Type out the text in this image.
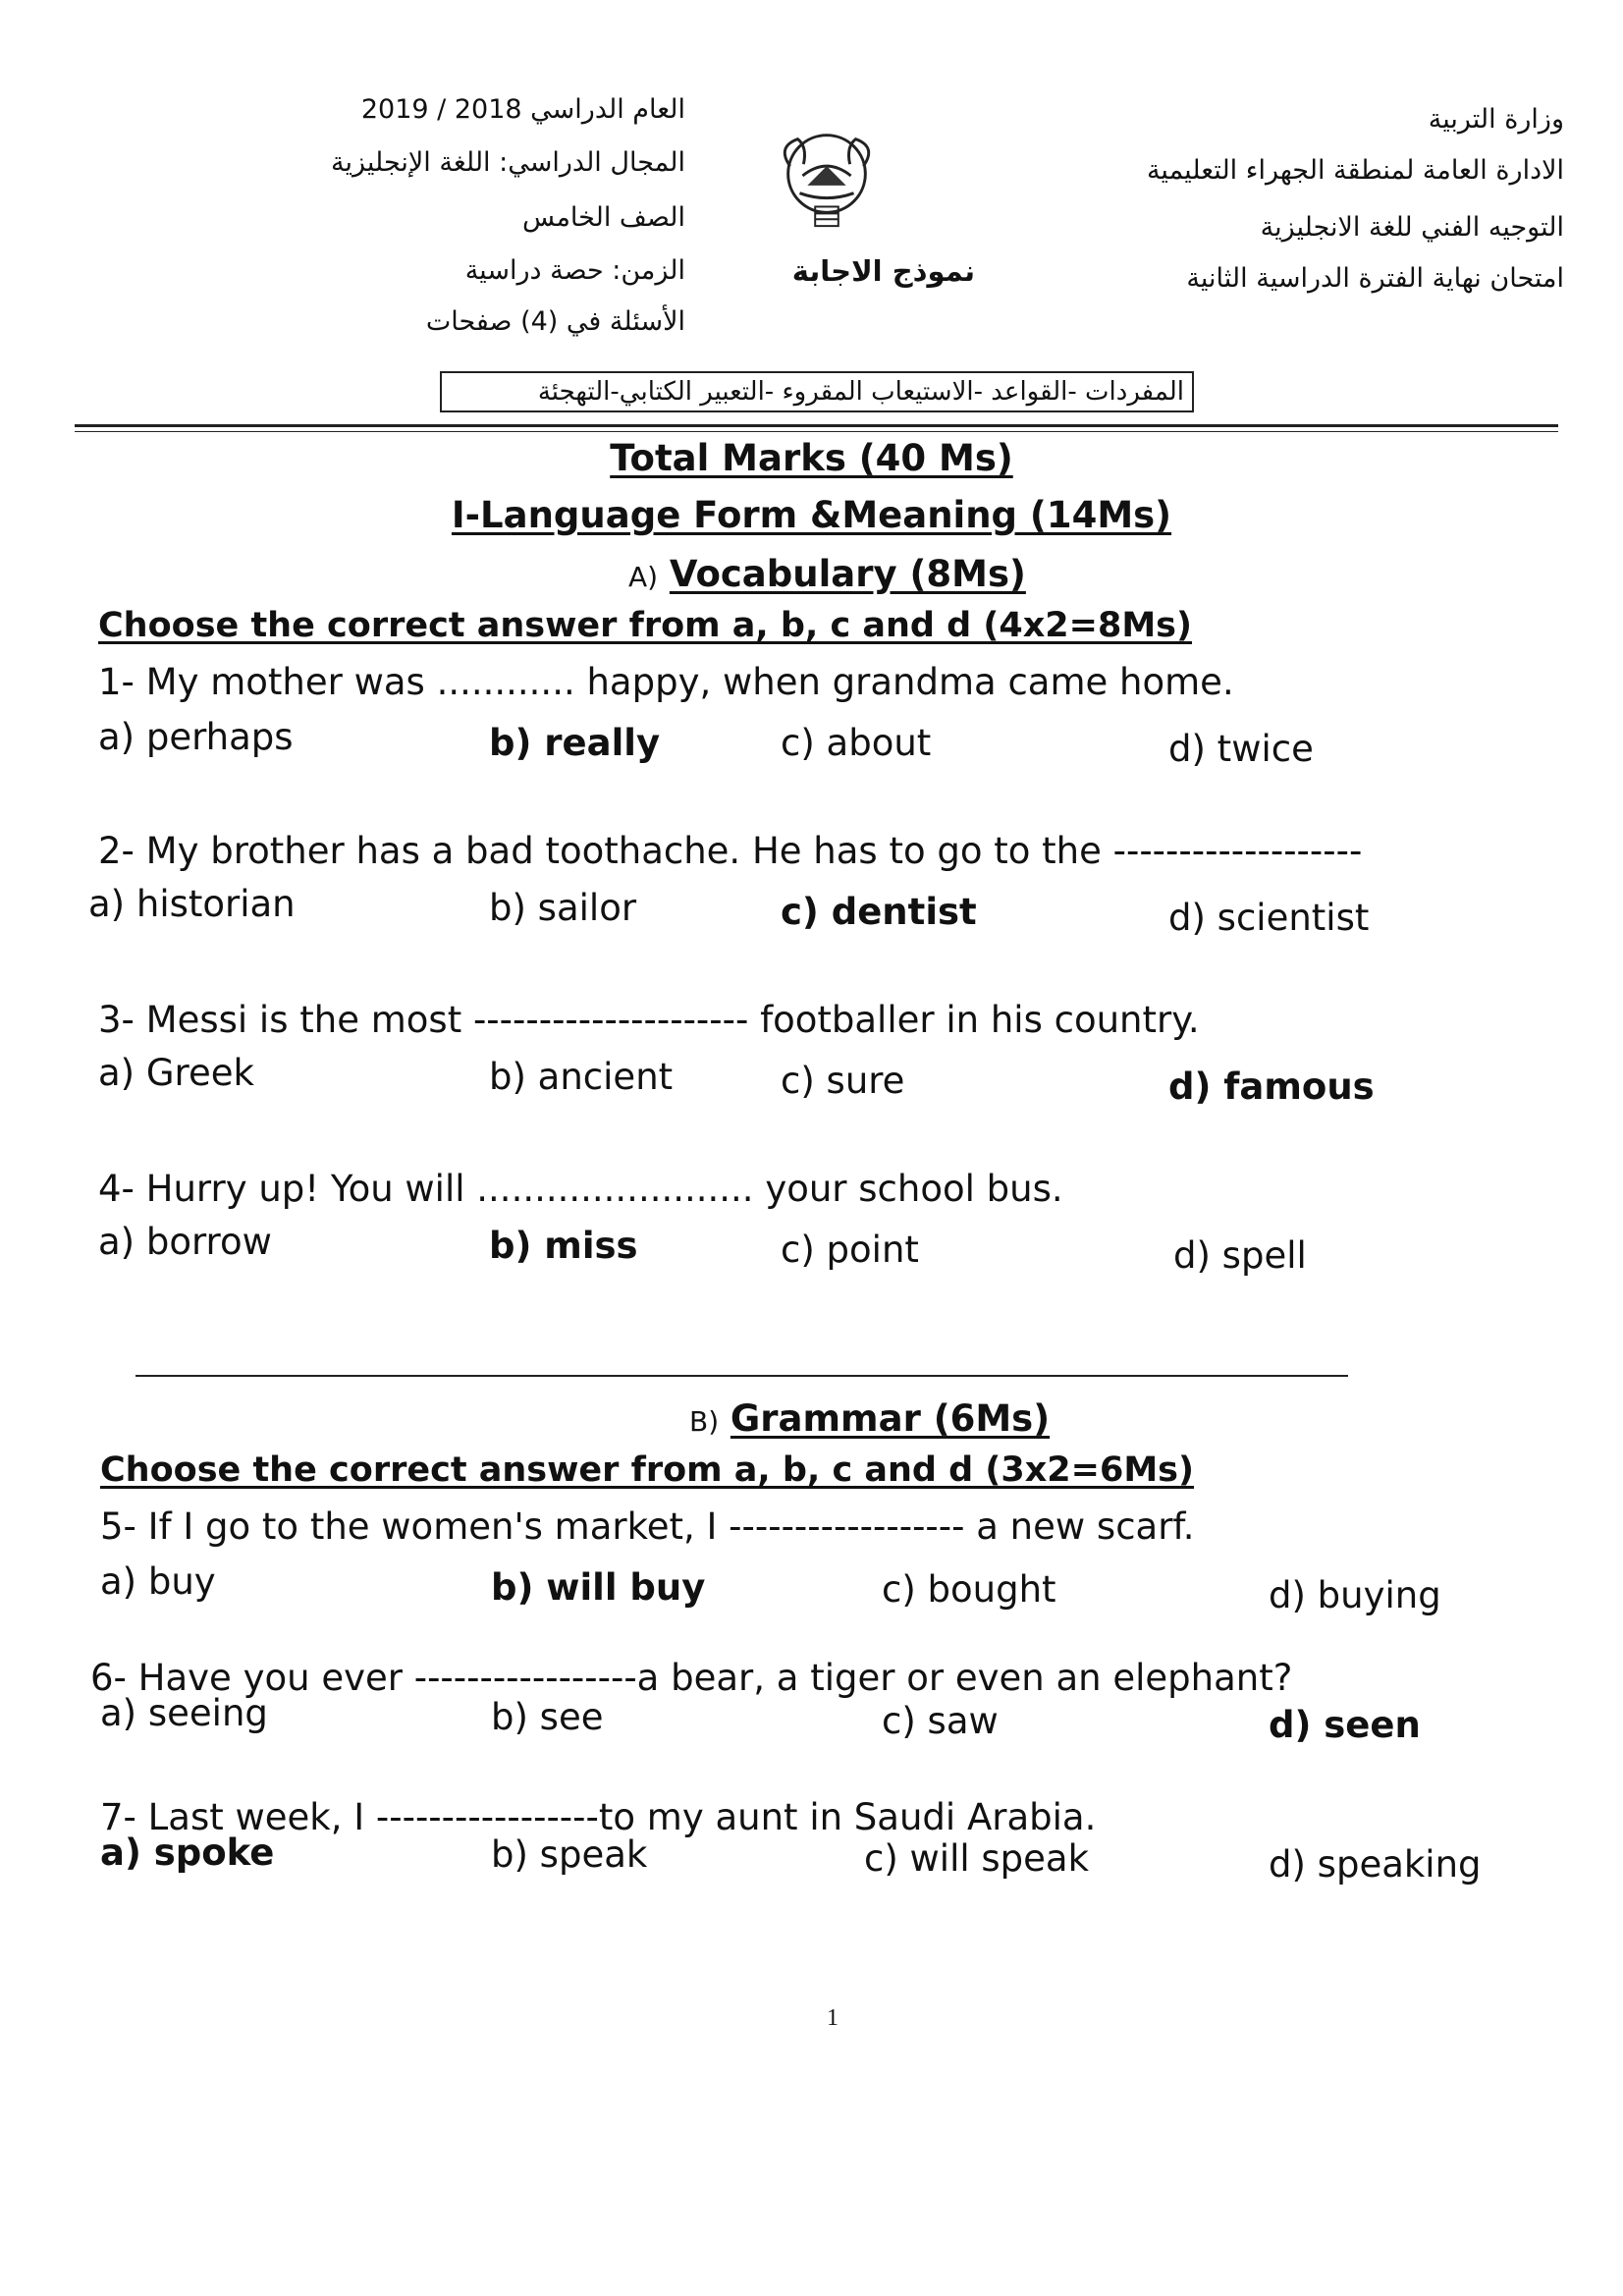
وزارة التربية
الادارة العامة لمنطقة الجهراء التعليمية
التوجيه الفني للغة الانجليزية
امتحان نهاية الفترة الدراسية الثانية
العام الدراسي 2018 / 2019
المجال الدراسي: اللغة الإنجليزية
الصف الخامس
الزمن: حصة دراسية
الأسئلة في (4) صفحات
نموذج الاجابة
المفردات -القواعد -الاستيعاب المقروء -التعبير الكتابي-التهجئة
Total Marks (40 Ms)
I-Language Form &Meaning (14Ms)
A) Vocabulary (8Ms)
Choose the correct answer from a, b, c and d (4x2=8Ms)
1- My mother was ............ happy, when grandma came home.
a) perhaps	b) really	c) about	d) twice
2- My brother has a bad toothache. He has to go to the -------------------
a) historian	b) sailor	c) dentist	d) scientist
3- Messi is the most --------------------- footballer in his country.
a) Greek	b) ancient	c) sure	d) famous
4- Hurry up! You will ........................ your school bus.
a) borrow	b) miss	c) point	d) spell
B) Grammar (6Ms)
Choose the correct answer from a, b, c and d (3x2=6Ms)
5- If I go to the women's market, I ------------------ a new scarf.
a) buy	b) will buy	c) bought	d) buying
6- Have you ever -----------------a bear, a tiger or even an elephant?
a) seeing	b) see	c) saw	d) seen
7- Last week, I -----------------to my aunt in Saudi Arabia.
a) spoke	b) speak	c) will speak	d) speaking
1
